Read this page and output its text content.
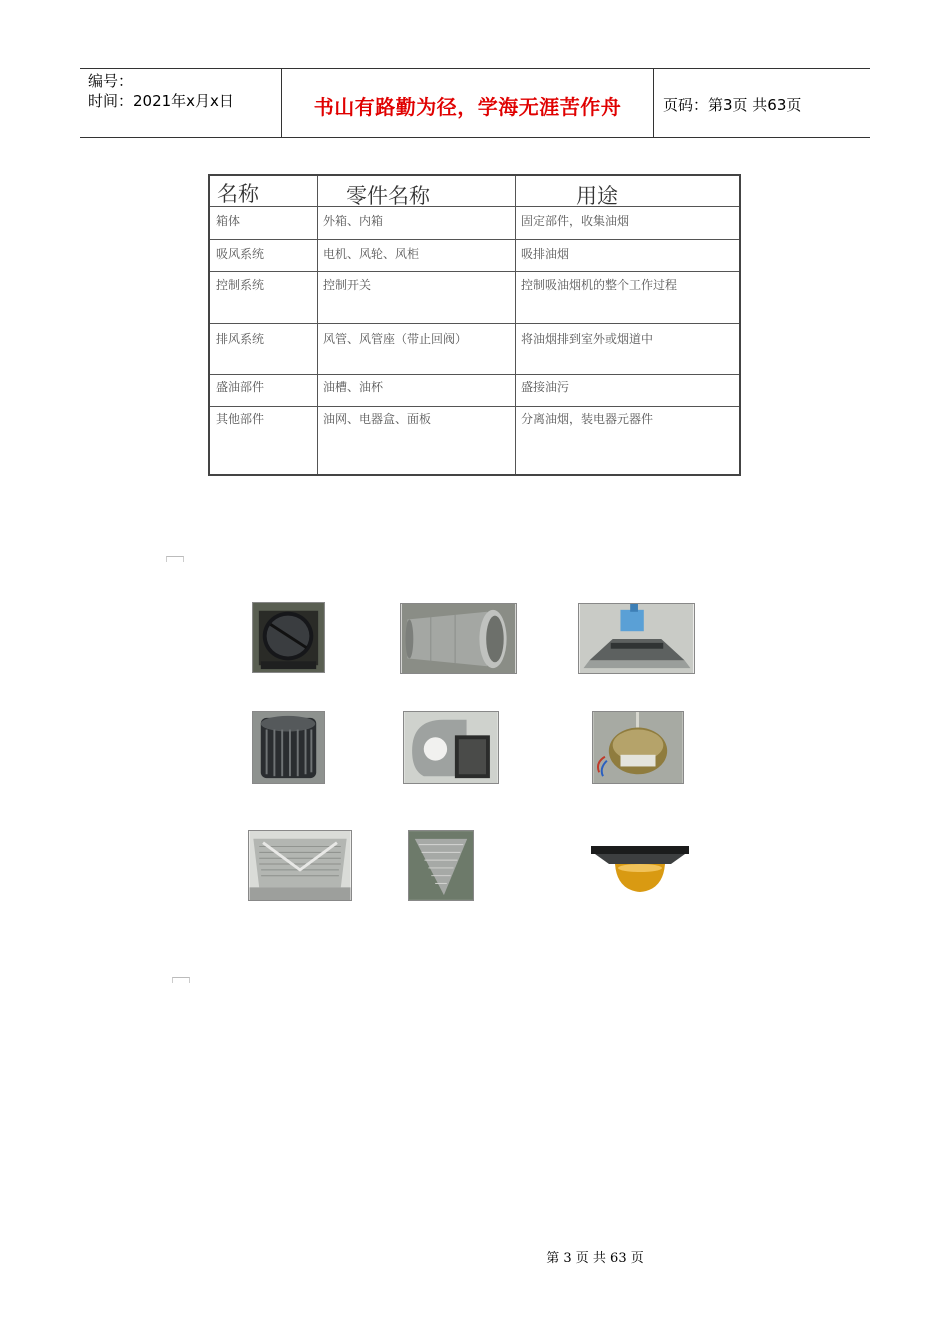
编号：
时间：2021年x月x日	书山有路勤为径，学海无涯苦作舟	页码：第3页 共63页
名称	零件名称	用途
箱体	外箱、内箱	固定部件，收集油烟
吸风系统	电机、风轮、风柜	吸排油烟
控制系统	控制开关	控制吸油烟机的整个工作过程
排风系统	风管、风管座（带止回阀）	将油烟排到室外或烟道中
盛油部件	油槽、油杯	盛接油污
其他部件	油网、电器盒、面板	分离油烟，装电器元器件
第 3 页 共 63 页
